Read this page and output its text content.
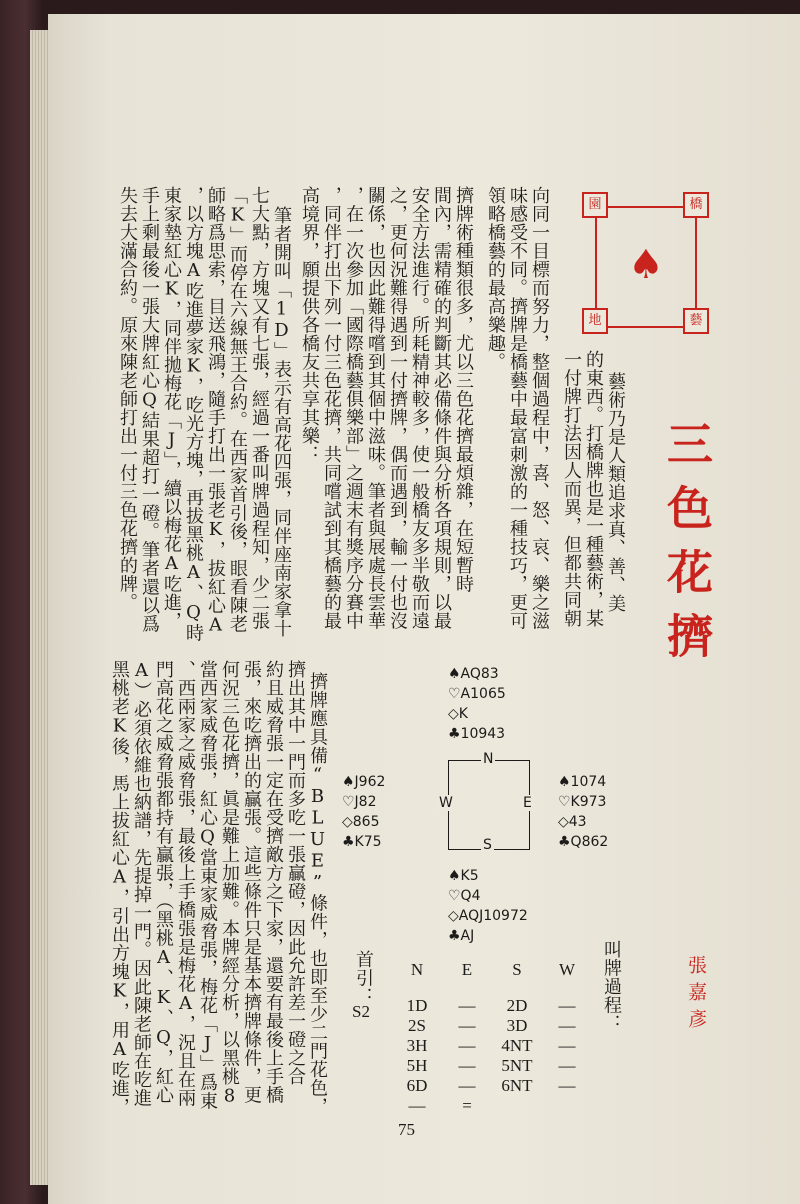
橋
藝
地
園
♠
三色花擠
張嘉彥

藝術乃是人類追求真、善、美

的東西。打橋牌也是一種藝術，某

一付牌打法因人而異，但都共同朝

向同一目標而努力，整個過程中，喜、怒、哀、樂之滋

味感受不同。擠牌是橋藝中最富刺激的一種技巧，更可

領略橋藝的最高樂趣。

擠牌術種類很多，尤以三色花擠最煩雜，在短暫時

間內，需精確的判斷其必備條件與分析各項規則，以最

安全方法進行。所耗精神較多，使一般橋友多半敬而遠

之，更何況難得遇到一付擠牌，偶而遇到，輸一付也沒

關係，也因此難得嚐到其個中滋味。筆者與展處長雲華

，在一次參加「國際橋藝俱樂部」之週末有獎序分賽中

，同伴打出下列一付三色花擠，共同嚐試到其橋藝的最

高境界，願提供各橋友共享其樂：

筆者開叫「1D」表示有高花四張，同伴座南家拿十

七大點，方塊又有七張，經過一番叫牌過程知，少二張

「K」而停在六線無王合約。在西家首引後，眼看陳老

師略爲思索，目送飛鴻，隨手打出一張老K，拔紅心A

，以方塊A吃進夢家K，吃光方塊，再拔黑桃A、Q時

東家墊紅心K，同伴拋梅花「J」，續以梅花A吃進，

手上剩最後一張大牌紅心Q結果超打一磴。筆者還以爲

失去大滿合約。原來陳老師打出一付三色花擠的牌。

擠牌應具備“BLUE”條件，也即至少二門花色，

擠出其中一門而多吃一張贏磴，因此允許差一磴之合

約且威脅張一定在受擠敵方之下家，還要有最後上手橋

張，來吃擠出的贏張。這些條件只是基本擠牌條件，更

何況三色花擠，眞是難上加難。本牌經分析，以黑桃8

當西家威脅張，紅心Q當東家威脅張，梅花「J」爲東

、西兩家之威脅張，最後上手橋張是梅花A，況且在兩

門高花之威脅張都持有贏張，（黑桃A、K、Q，紅心

A）必須依維也納譜，先提掉一門。因此陳老師在吃進

黑桃老K後，馬上拔紅心A，引出方塊K，用A吃進，	♠AQ83
♡A1065
◇K
♣10943
♠J962
♡J82
◇865
♣K75
♠1074
♡K973
◇43
♣Q862
♠K5
♡Q4
◇AQJ10972
♣AJ
N
S
W	E

叫牌過程：

首引：

S2
N	E	S	W
1D	—	2D	—
2S	—	3D	—
3H	—	4NT	—
5H	—	5NT	—
6D	—	6NT	—
—	=
75
